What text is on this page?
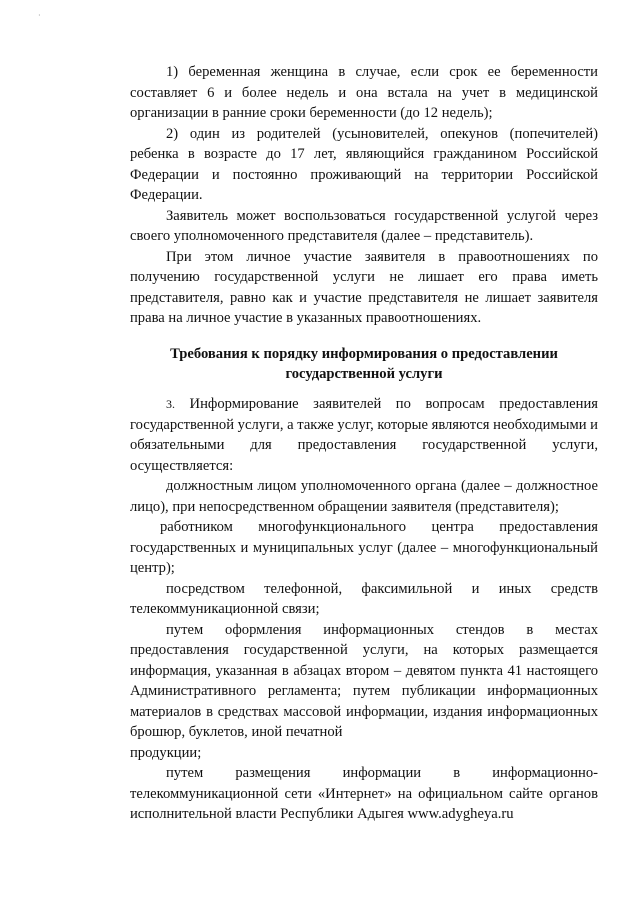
·

1) беременная женщина в случае, если срок ее беременности составляет 6 и более недель и она встала на учет в медицинской организации в ранние сроки беременности (до 12 недель);

2) один из родителей (усыновителей, опекунов (попечителей) ребенка в возрасте до 17 лет, являющийся гражданином Российской Федерации и постоянно проживающий на территории Российской Федерации.

Заявитель может воспользоваться государственной услугой через своего уполномоченного представителя (далее – представитель).

При этом личное участие заявителя в правоотношениях по получению государственной услуги не лишает его права иметь представителя, равно как и участие представителя не лишает заявителя права на личное участие в указанных правоотношениях.

Требования к порядку информирования о предоставлении

государственной услуги

3. Информирование заявителей по вопросам предоставления государственной услуги, а также услуг, которые являются необходимыми и обязательными для предоставления государственной услуги, осуществляется:

должностным лицом уполномоченного органа (далее – должностное лицо), при непосредственном обращении заявителя (представителя);

работником многофункционального центра предоставления государственных и муниципальных услуг (далее – многофункциональный центр);

посредством телефонной, факсимильной и иных средств телекоммуникационной связи;

путем оформления информационных стендов в местах предоставления государственной услуги, на которых размещается информация, указанная в абзацах втором – девятом пункта 41 настоящего Административного регламента; путем публикации информационных материалов в средствах массовой информации, издания информационных брошюр, буклетов, иной печатной

продукции;

путем размещения информации в информационно-телекоммуникационной сети «Интернет» на официальном сайте органов исполнительной власти Республики Адыгея www.adygheya.ru
